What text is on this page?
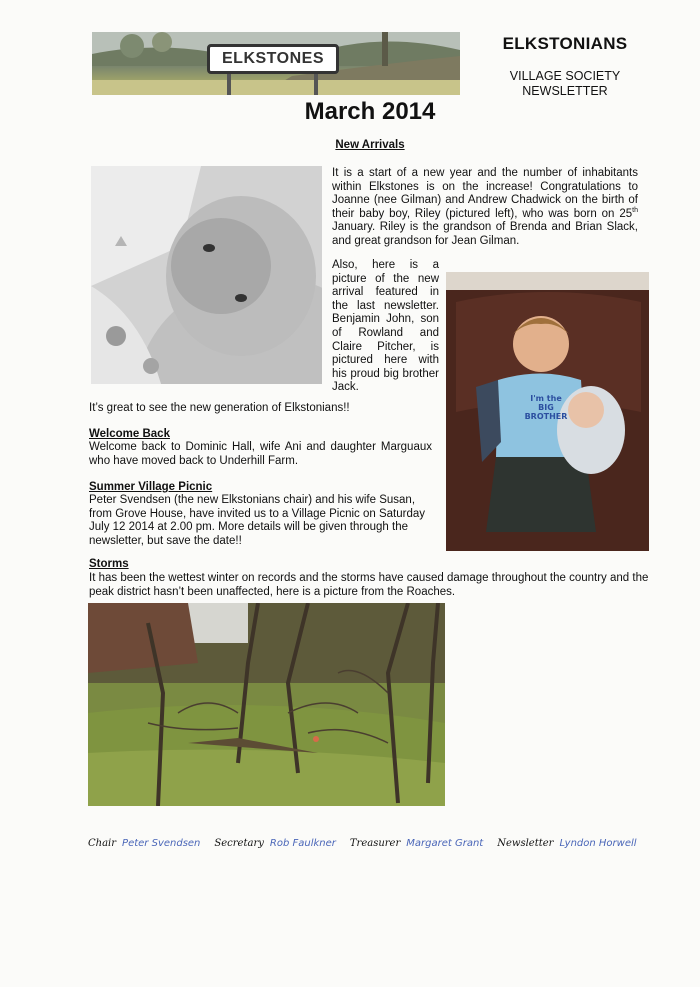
ELKSTONES
ELKSTONIANS
VILLAGE SOCIETY
NEWSLETTER
March 2014
New Arrivals
It is a start of a new year and the number of inhabitants within Elkstones is on the increase! Congratulations to Joanne (nee Gilman) and Andrew Chadwick on the birth of their baby boy, Riley (pictured left), who was born on 25th January. Riley is the grandson of Brenda and Brian Slack, and great grandson for Jean Gilman.
Also, here is a picture of the new arrival featured in the last newsletter. Benjamin John, son of Rowland and Claire Pitcher, is pictured here with his proud big brother Jack.
I'm the
BIG
BROTHER
It’s great to see the new generation of Elkstonians!!
Welcome Back
Welcome back to Dominic Hall, wife Ani and daughter Marguaux who have moved back to Underhill Farm.
Summer Village Picnic
Peter Svendsen (the new Elkstonians chair) and his wife Susan, from Grove House, have invited us to a Village Picnic on Saturday July 12 2014 at 2.00 pm. More details will be given through the newsletter, but save the date!!
Storms
It has been the wettest winter on records and the storms have caused damage throughout the country and the peak district hasn’t been unaffected, here is a picture from the Roaches.
Chair Peter Svendsen Secretary Rob Faulkner Treasurer Margaret Grant Newsletter Lyndon Horwell
